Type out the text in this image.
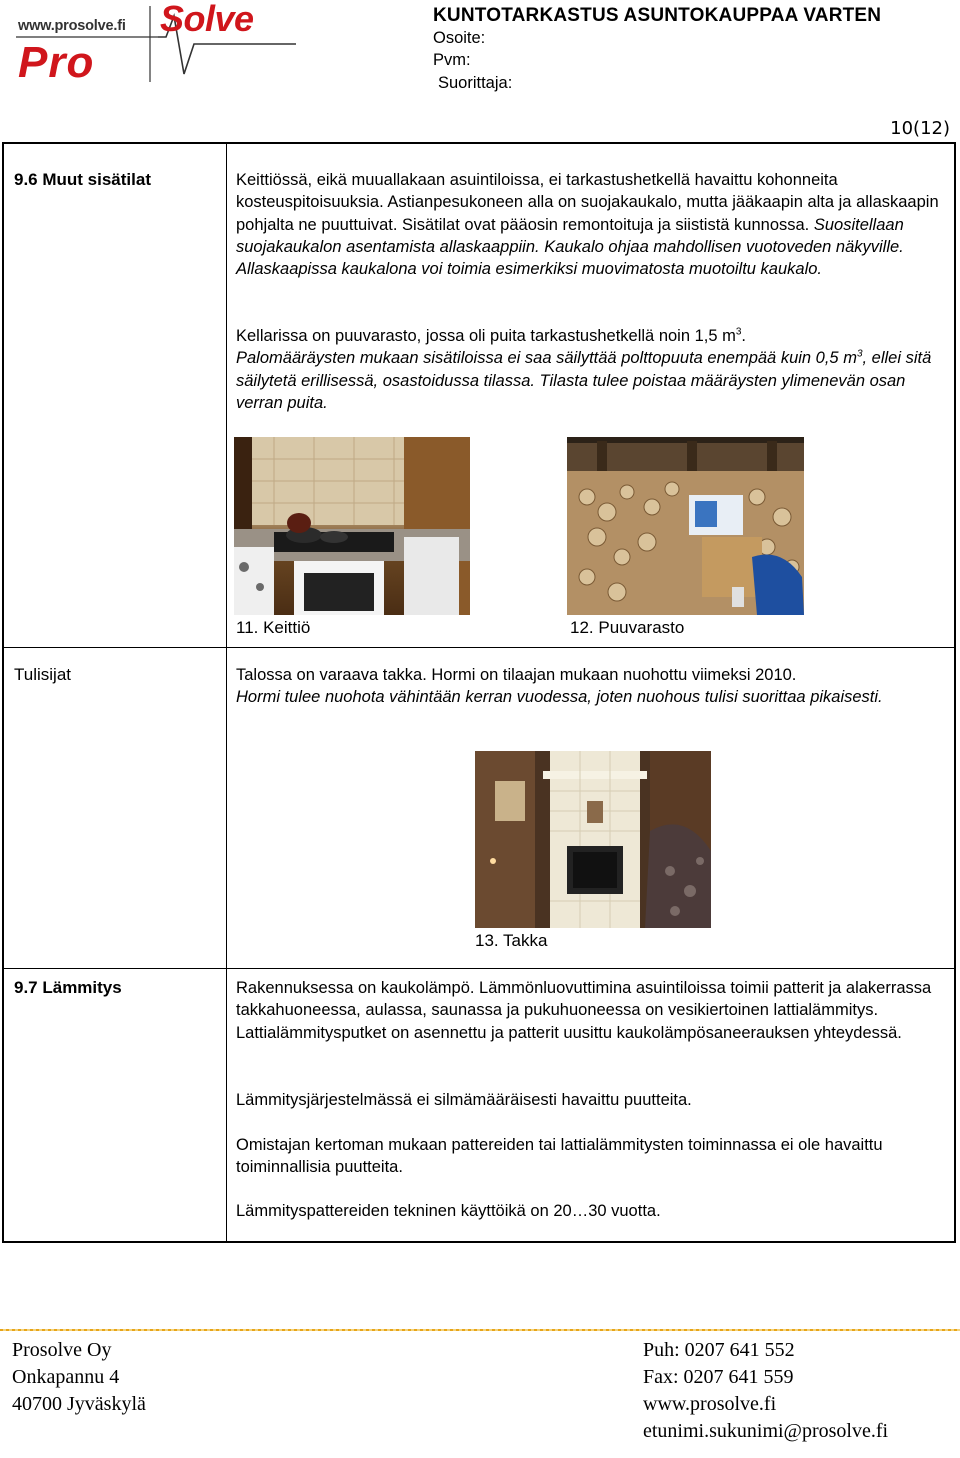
www.prosolve.fi Solve
Pro
KUNTOTARKASTUS ASUNTOKAUPPAA VARTEN
Osoite:
Pvm:
Suorittaja:
10(12)
9.6 Muut sisätilat	Keittiössä, eikä muuallakaan asuintiloissa, ei tarkastushetkellä havaittu kohonneita kosteuspitoisuuksia. Astianpesukoneen alla on suojakaukalo, mutta jääkaapin alta ja allaskaapin pohjalta ne puuttuivat. Sisätilat ovat pääosin remontoituja ja siististä kunnossa. Suositellaan suojakaukalon asentamista allaskaappiin. Kaukalo ohjaa mahdollisen vuotoveden näkyville. Allaskaapissa kaukalona voi toimia esimerkiksi muovimatosta muotoiltu kaukalo.
Kellarissa on puuvarasto, jossa oli puita tarkastushetkellä noin 1,5 $m^3$.
Palomääräysten mukaan sisätiloissa ei saa säilyttää polttopuuta enempää kuin 0,5 $m^3$, ellei sitä säilytetä erillisessä, osastoidussa tilassa. Tilasta tulee poistaa määräysten ylimenevän osan verran puita.
11. Keittiö	12. Puuvarasto
Tulisijat	Talossa on varaava takka. Hormi on tilaajan mukaan nuohottu viimeksi 2010.
Hormi tulee nuohota vähintään kerran vuodessa, joten nuohous tulisi suorittaa pikaisesti.
13. Takka
9.7 Lämmitys	Rakennuksessa on kaukolämpö. Lämmönluovuttimina asuintiloissa toimii patterit ja alakerrassa takkahuoneessa, aulassa, saunassa ja pukuhuoneessa on vesikiertoinen lattialämmitys. Lattialämmitysputket on asennettu ja patterit uusittu kaukolämpösaneerauksen yhteydessä.
Lämmitysjärjestelmässä ei silmämääräisesti havaittu puutteita.
Omistajan kertoman mukaan pattereiden tai lattialämmitysten toiminnassa ei ole havaittu toiminnallisia puutteita.
Lämmityspattereiden tekninen käyttöikä on 20…30 vuotta.
Prosolve Oy
Onkapannu 4
40700 Jyväskylä
Puh: 0207 641 552
Fax: 0207 641 559
www.prosolve.fi
etunimi.sukunimi@prosolve.fi
